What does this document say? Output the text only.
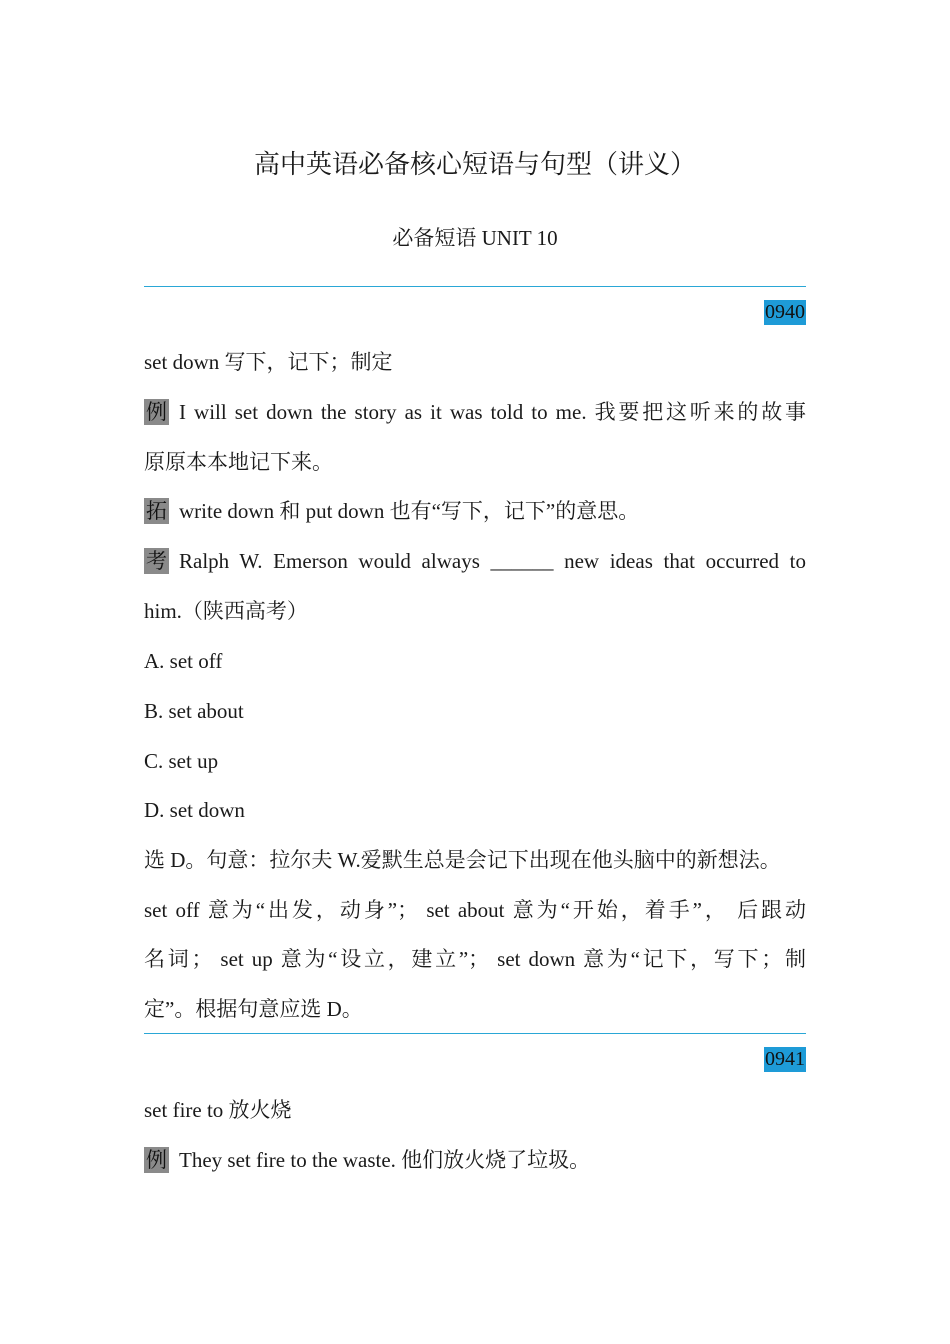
高中英语必备核心短语与句型（讲义）
必备短语 UNIT 10
0940
set down 写下，记下；制定
例 I will set down the story as it was told to me. 我要把这听来的故事
原原本本地记下来。
拓 write down 和 put down 也有“写下，记下”的意思。
考 Ralph W. Emerson would always ______ new ideas that occurred to
him.（陕西高考）
A. set off
B. set about
C. set up
D. set down
选 D。句意：拉尔夫 W.爱默生总是会记下出现在他头脑中的新想法。
set off 意为“出发，动身”； set about 意为“开始，着手”， 后跟动
名词； set up 意为“设立，建立”； set down 意为“记下，写下；制
定”。根据句意应选 D。
0941
set fire to 放火烧
例 They set fire to the waste. 他们放火烧了垃圾。
